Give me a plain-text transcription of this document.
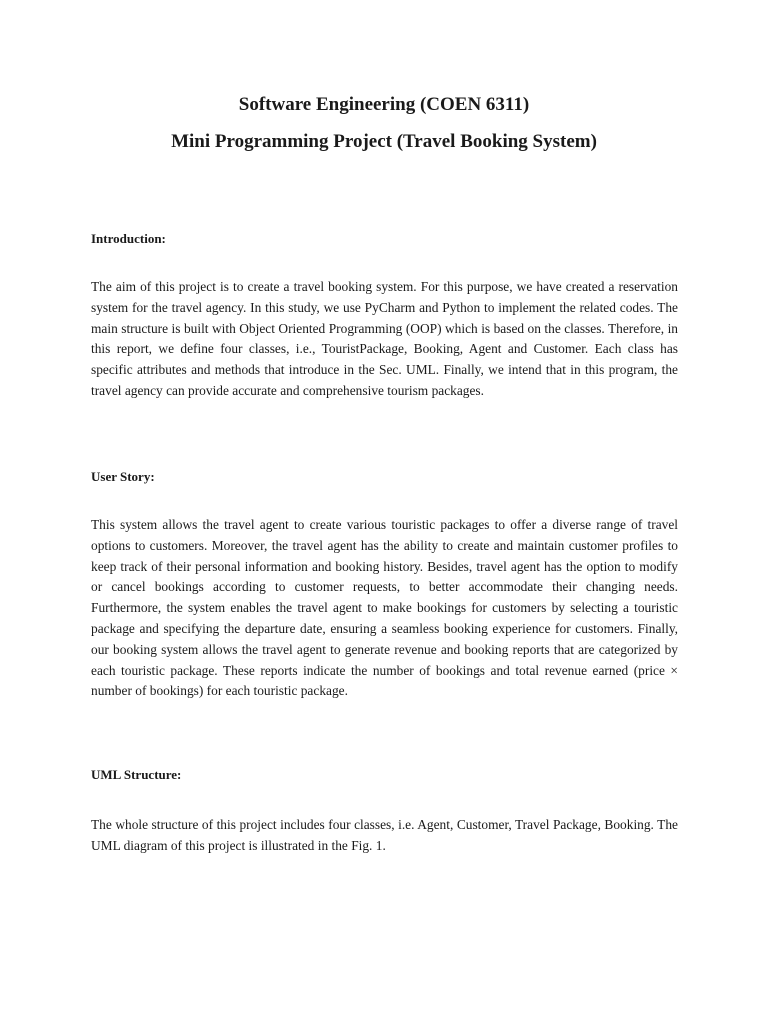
Software Engineering (COEN 6311)
Mini Programming Project (Travel Booking System)
Introduction:
The aim of this project is to create a travel booking system. For this purpose, we have created a reservation system for the travel agency. In this study, we use PyCharm and Python to implement the related codes. The main structure is built with Object Oriented Programming (OOP) which is based on the classes. Therefore, in this report, we define four classes, i.e., TouristPackage, Booking, Agent and Customer. Each class has specific attributes and methods that introduce in the Sec. UML. Finally, we intend that in this program, the travel agency can provide accurate and comprehensive tourism packages.
User Story:
This system allows the travel agent to create various touristic packages to offer a diverse range of travel options to customers. Moreover, the travel agent has the ability to create and maintain customer profiles to keep track of their personal information and booking history. Besides, travel agent has the option to modify or cancel bookings according to customer requests, to better accommodate their changing needs. Furthermore, the system enables the travel agent to make bookings for customers by selecting a touristic package and specifying the departure date, ensuring a seamless booking experience for customers. Finally, our booking system allows the travel agent to generate revenue and booking reports that are categorized by each touristic package. These reports indicate the number of bookings and total revenue earned (price × number of bookings) for each touristic package.
UML Structure:
The whole structure of this project includes four classes, i.e. Agent, Customer, Travel Package, Booking. The UML diagram of this project is illustrated in the Fig. 1.
